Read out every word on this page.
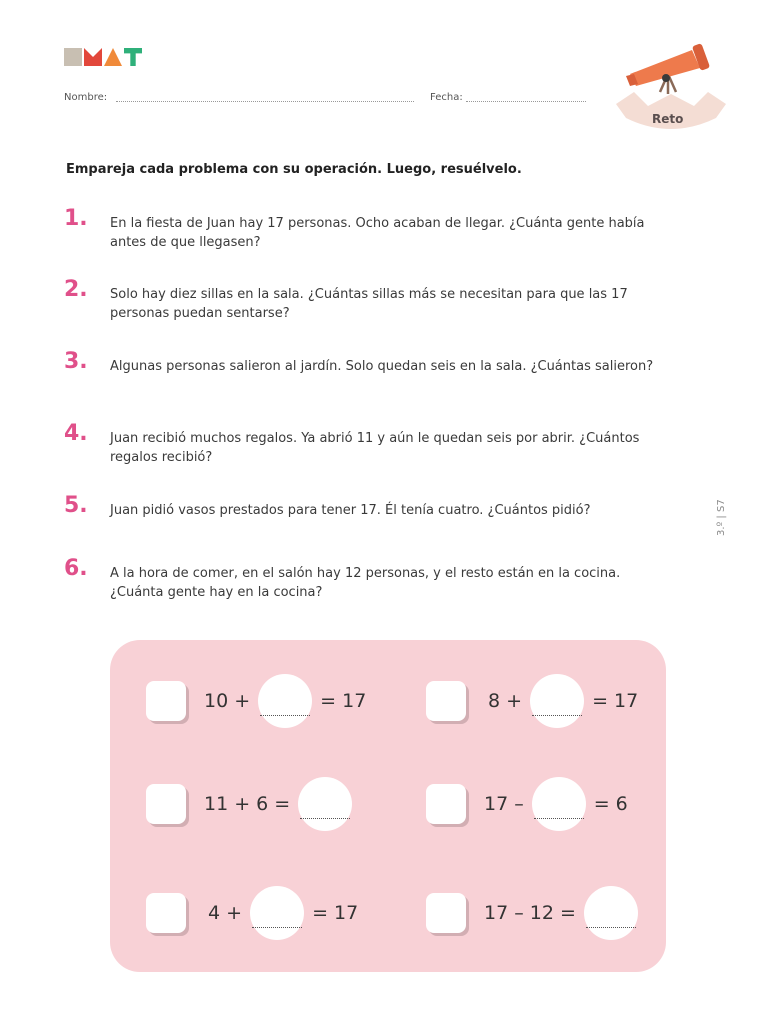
Nombre:	Fecha:
Reto
Empareja cada problema con su operación. Luego, resuélvelo.
1. En la fiesta de Juan hay 17 personas. Ocho acaban de llegar. ¿Cuánta gente había antes de que llegasen?
2. Solo hay diez sillas en la sala. ¿Cuántas sillas más se necesitan para que las 17 personas puedan sentarse?
3. Algunas personas salieron al jardín. Solo quedan seis en la sala. ¿Cuántas salieron?
4. Juan recibió muchos regalos. Ya abrió 11 y aún le quedan seis por abrir. ¿Cuántos regalos recibió?
5. Juan pidió vasos prestados para tener 17. Él tenía cuatro. ¿Cuántos pidió?
6. A la hora de comer, en el salón hay 12 personas, y el resto están en la cocina. ¿Cuánta gente hay en la cocina?
3.º | S7
10 +	= 17	8 +	= 17
11 + 6 =	17 –	= 6
4 +	= 17	17 – 12 =
